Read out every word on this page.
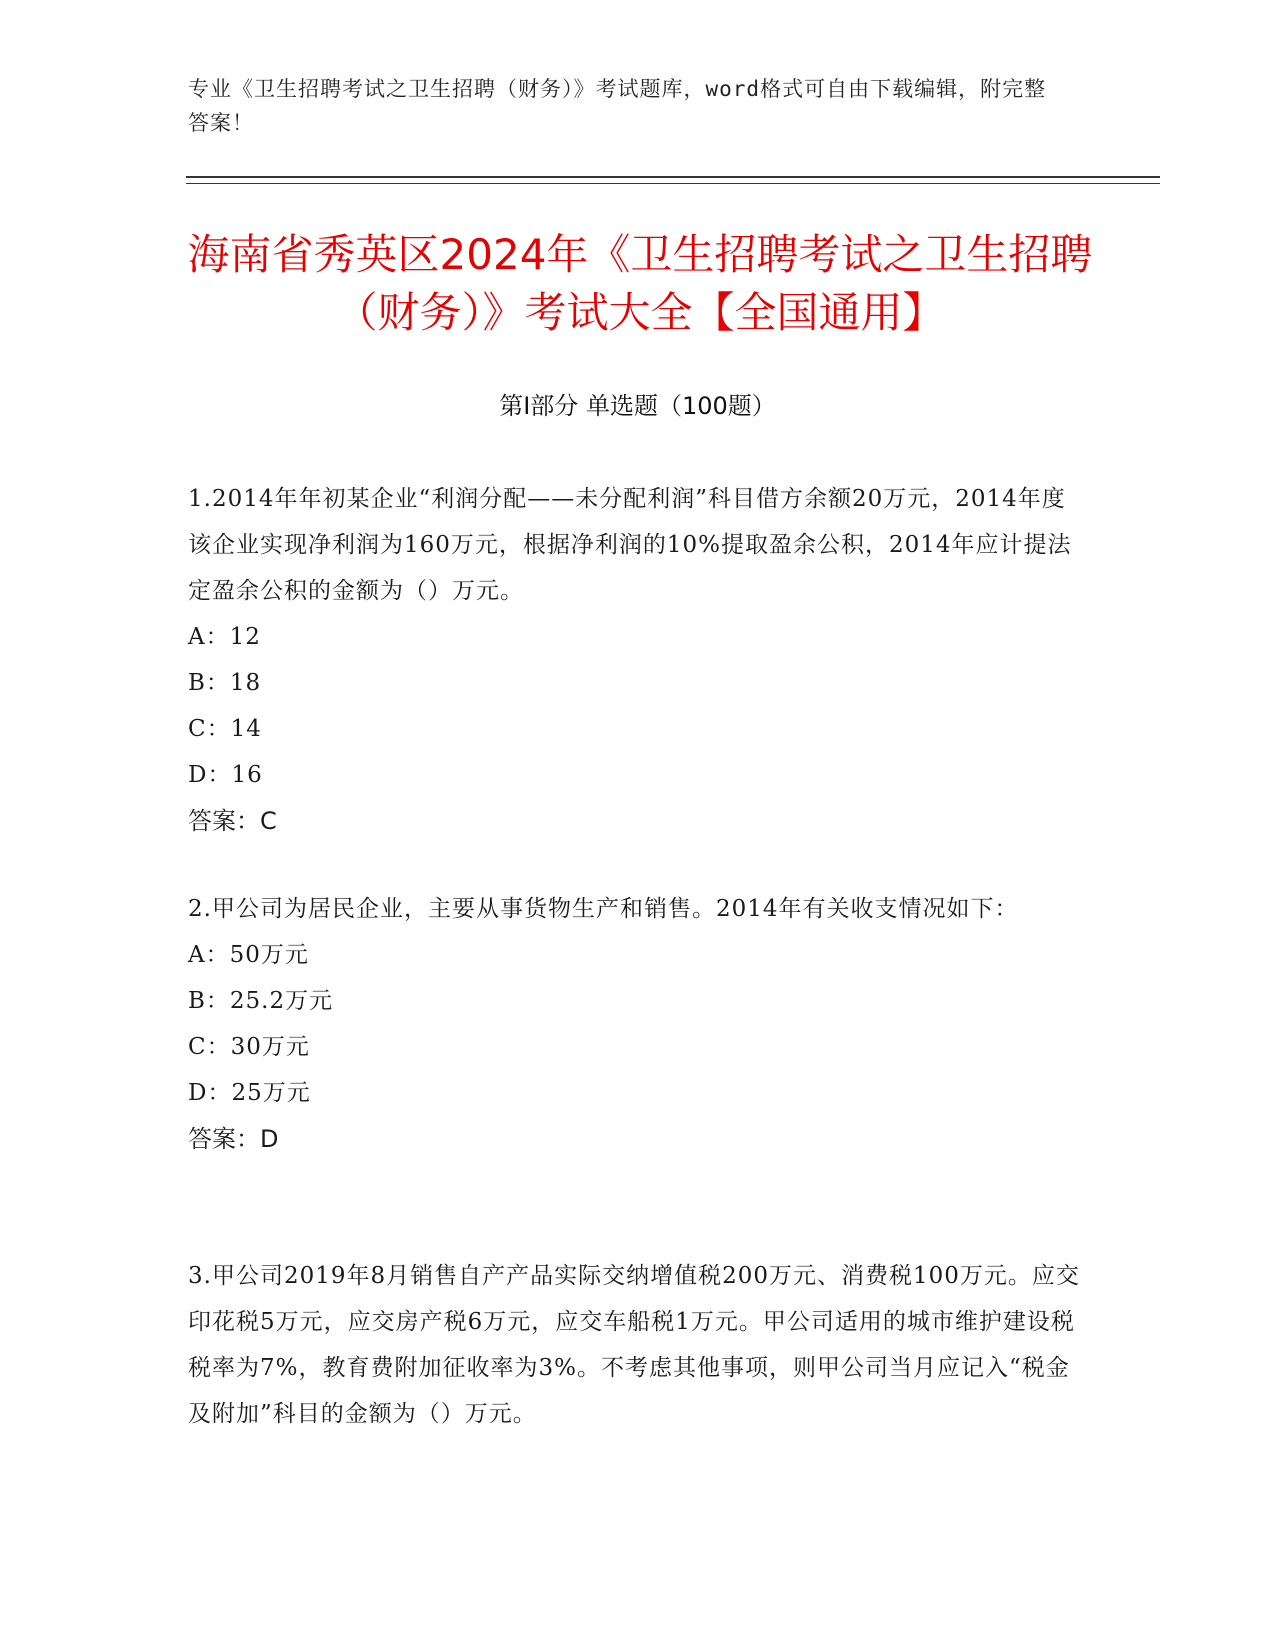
专业《卫生招聘考试之卫生招聘（财务）》考试题库，word格式可自由下载编辑，附完整答案！
海南省秀英区2024年《卫生招聘考试之卫生招聘（财务）》考试大全【全国通用】
第I部分 单选题（100题）
1.2014年年初某企业“利润分配——未分配利润”科目借方余额20万元，2014年度该企业实现净利润为160万元，根据净利润的10%提取盈余公积，2014年应计提法定盈余公积的金额为（）万元。
A：12
B：18
C：14
D：16
答案：C
2.甲公司为居民企业，主要从事货物生产和销售。2014年有关收支情况如下：
A：50万元
B：25.2万元
C：30万元
D：25万元
答案：D
3.甲公司2019年8月销售自产产品实际交纳增值税200万元、消费税100万元。应交印花税5万元，应交房产税6万元，应交车船税1万元。甲公司适用的城市维护建设税税率为7%，教育费附加征收率为3%。不考虑其他事项，则甲公司当月应记入“税金及附加”科目的金额为（）万元。
